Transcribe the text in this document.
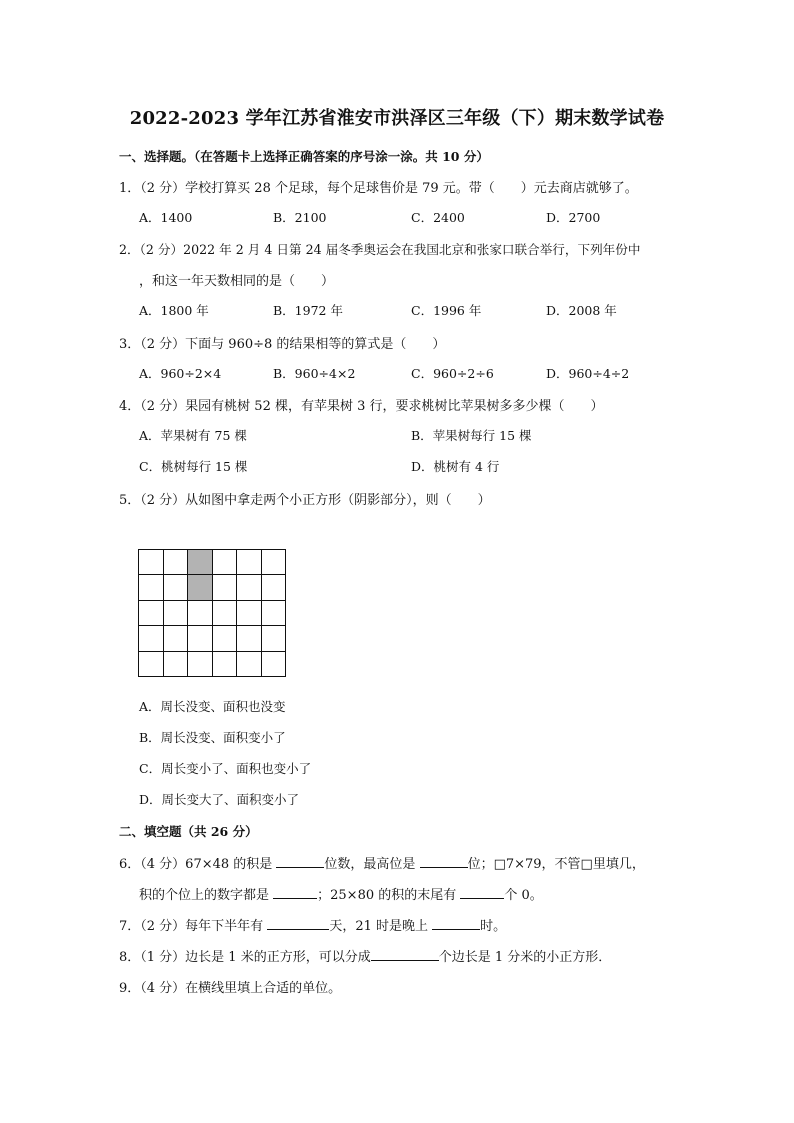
2022-2023 学年江苏省淮安市洪泽区三年级（下）期末数学试卷
一、选择题。（在答题卡上选择正确答案的序号涂一涂。共 10 分）
1．（2 分）学校打算买 28 个足球，每个足球售价是 79 元。带（　　）元去商店就够了。
A．1400	B．2100	C．2400	D．2700
2．（2 分）2022 年 2 月 4 日第 24 届冬季奥运会在我国北京和张家口联合举行，下列年份中
，和这一年天数相同的是（　　）
A．1800 年	B．1972 年	C．1996 年	D．2008 年
3．（2 分）下面与 960÷8 的结果相等的算式是（　　）
A．960÷2×4	B．960÷4×2	C．960÷2÷6	D．960÷4÷2
4．（2 分）果园有桃树 52 棵，有苹果树 3 行，要求桃树比苹果树多多少棵（　　）
A．苹果树有 75 棵	B．苹果树每行 15 棵
C．桃树每行 15 棵	D．桃树有 4 行
5．（2 分）从如图中拿走两个小正方形（阴影部分），则（　　）
A．周长没变、面积也没变
B．周长没变、面积变小了
C．周长变小了、面积也变小了
D．周长变大了、面积变小了
二、填空题（共 26 分）
6．（4 分）67×48 的积是	位数，最高位是	位；□7×79，不管□里填几，
积的个位上的数字都是	；25×80 的积的末尾有	个 0。
7．（2 分）每年下半年有	天，21 时是晚上	时。
8．（1 分）边长是 1 米的正方形，可以分成	个边长是 1 分米的小正方形．
9．（4 分）在横线里填上合适的单位。
